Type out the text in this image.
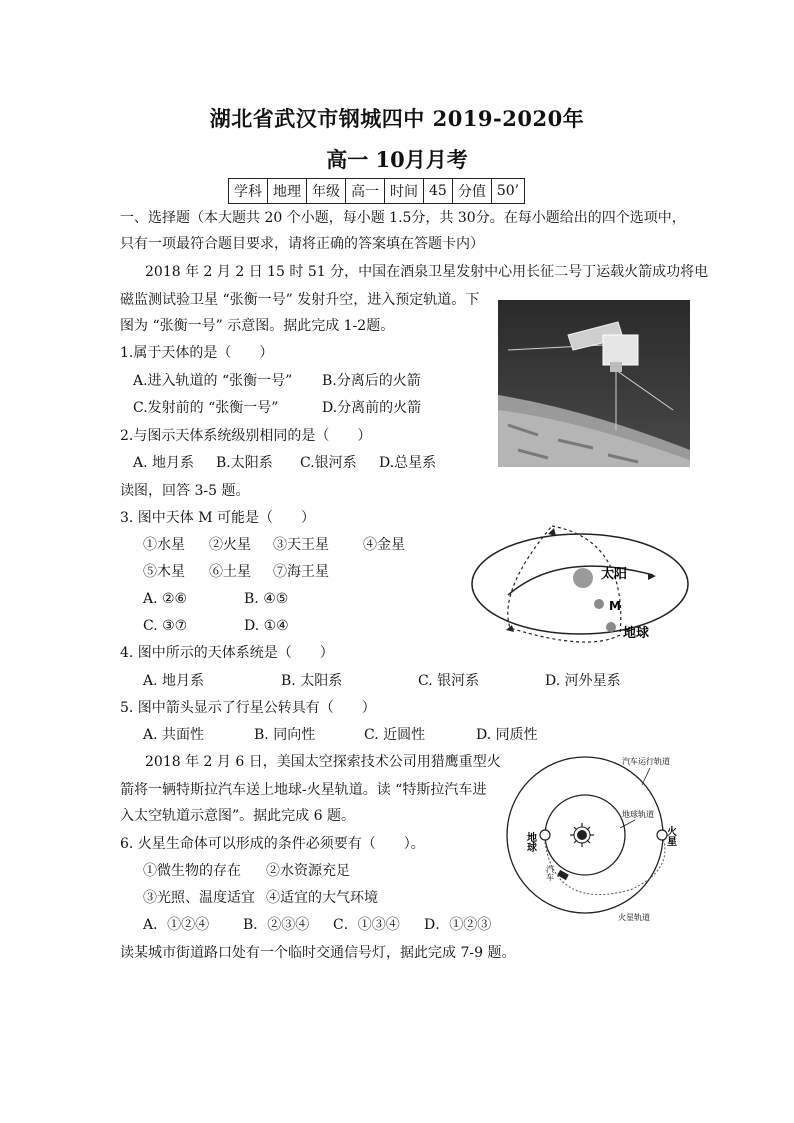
湖北省武汉市钢城四中 2019-2020年
高一 10月月考
学科	地理	年级	高一	时间	45	分值	50’
一、选择题（本大题共 20 个小题，每小题 1.5分，共 30分。在每小题给出的四个选项中，
只有一项最符合题目要求，请将正确的答案填在答题卡内）
2018 年 2 月 2 日 15 时 51 分，中国在酒泉卫星发射中心用长征二号丁运载火箭成功将电
磁监测试验卫星 “张衡一号” 发射升空，进入预定轨道。下
图为 “张衡一号” 示意图。据此完成 1-2题。
1.属于天体的是（　　）
A.进入轨道的 “张衡一号” B.分离后的火箭
C.发射前的 “张衡一号”	D.分离前的火箭
2.与图示天体系统级别相同的是（　　）
A. 地月系 B.太阳系 C.银河系 D.总星系
读图，回答 3-5 题。
3. 图中天体 M 可能是（　　）
①水星 ②火星 ③天王星 ④金星
⑤木星 ⑥土星 ⑦海王星
A. ②⑥	B. ④⑤
C. ③⑦	D. ①④
4. 图中所示的天体系统是（　　）
A. 地月系	B. 太阳系	C. 银河系	D. 河外星系
5. 图中箭头显示了行星公转具有（　　）
A. 共面性	B. 同向性	C. 近圆性	D. 同质性
2018 年 2 月 6 日，美国太空探索技术公司用猎鹰重型火
箭将一辆特斯拉汽车送上地球-火星轨道。读 “特斯拉汽车进
入太空轨道示意图”。据此完成 6 题。
6. 火星生命体可以形成的条件必须要有（　　）。
①微生物的存在 ②水资源充足
③光照、温度适宜 ④适宜的大气环境
A．①②④ B．②③④ C．①③④ D．①②③
读某城市街道路口处有一个临时交通信号灯，据此完成 7-9 题。
太阳
M
地球
汽车运行轨道
地球轨道
火星轨道
地球	火星
汽车
